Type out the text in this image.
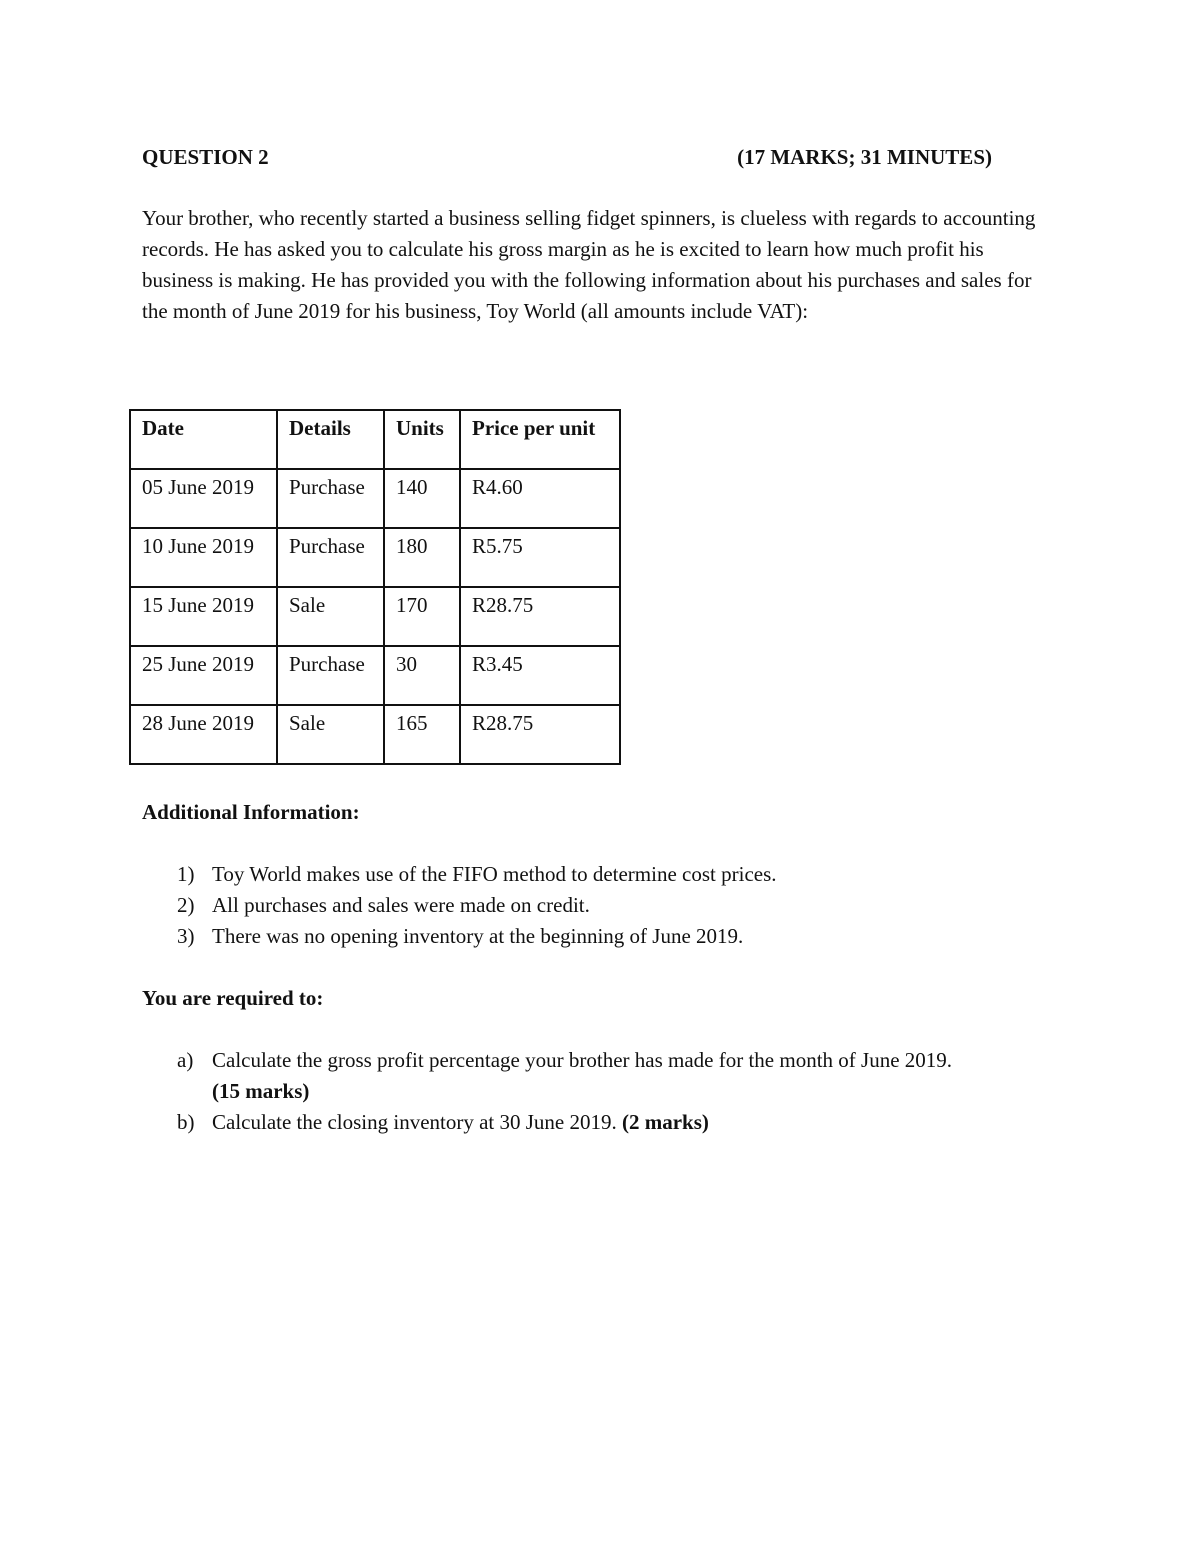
QUESTION 2	(17 MARKS; 31 MINUTES)
Your brother, who recently started a business selling fidget spinners, is clueless with regards to accounting records. He has asked you to calculate his gross margin as he is excited to learn how much profit his business is making. He has provided you with the following information about his purchases and sales for the month of June 2019 for his business, Toy World (all amounts include VAT):
Date	Details	Units	Price per unit
05 June 2019	Purchase	140	R4.60
10 June 2019	Purchase	180	R5.75
15 June 2019	Sale	170	R28.75
25 June 2019	Purchase	30	R3.45
28 June 2019	Sale	165	R28.75
Additional Information:
1) Toy World makes use of the FIFO method to determine cost prices.
2) All purchases and sales were made on credit.
3) There was no opening inventory at the beginning of June 2019.
You are required to:
a) Calculate the gross profit percentage your brother has made for the month of June 2019.
(15 marks)
b) Calculate the closing inventory at 30 June 2019. (2 marks)
